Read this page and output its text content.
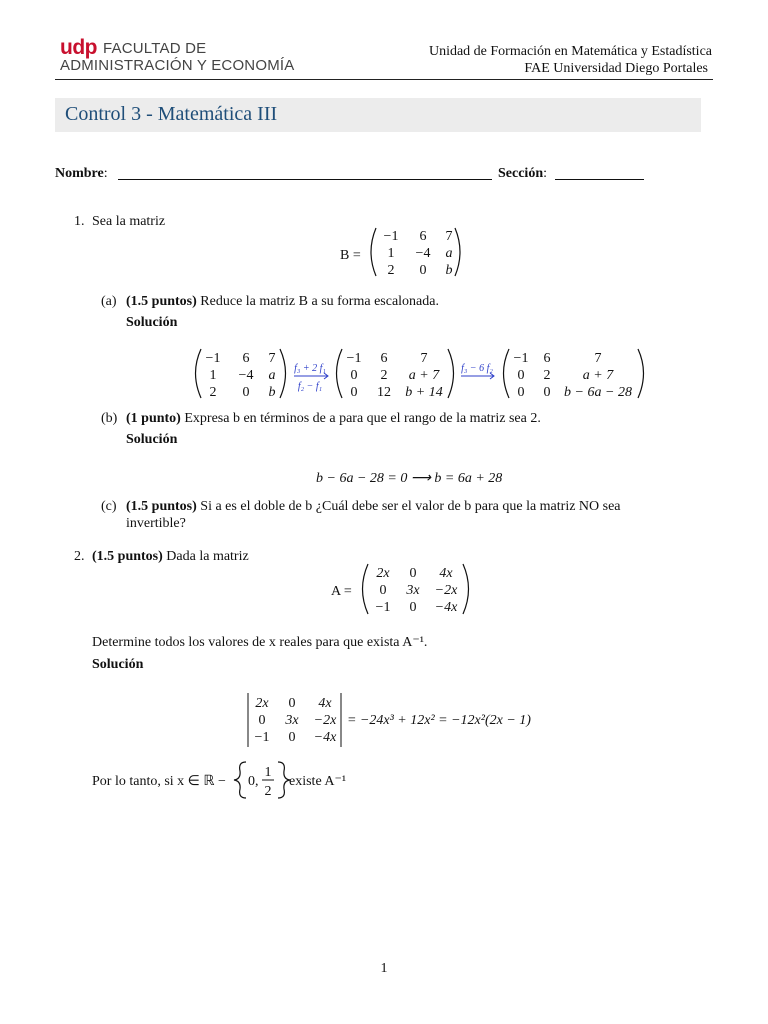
udp FACULTAD DE
ADMINISTRACIÓN Y ECONOMÍA
Unidad de Formación en Matemática y Estadística
FAE Universidad Diego Portales
Control 3 - Matemática III
Nombre:	Sección:
1. Sea la matriz
B =
−1 6 7
1 −4 a
2 0 b
(a) (1.5 puntos) Reduce la matriz B a su forma escalonada.
Solución
−1 6 7
1 −4 a
2 0 b
f₃ + 2 f₁
f₂ − f₁
−1 6 7
0 2 a + 7
0 12 b + 14
f₃ − 6 f₂
−1 6	7
0 2 a + 7
0 0 b − 6a − 28
(b) (1 punto) Expresa b en términos de a para que el rango de la matriz sea 2.
Solución
b − 6a − 28 = 0 ⟶ b = 6a + 28
(c) (1.5 puntos) Si a es el doble de b ¿Cuál debe ser el valor de b para que la matriz NO sea
invertible?
2. (1.5 puntos) Dada la matriz
A =
2x 0 4x
0 3x −2x
−1 0 −4x
Determine todos los valores de x reales para que exista A⁻¹.
Solución
2x 0 4x
0 3x −2x
−1 0 −4x
= −24x³ + 12x² = −12x²(2x − 1)
Por lo tanto, si x ∈ ℝ − 0,
1
2
existe A⁻¹
1
